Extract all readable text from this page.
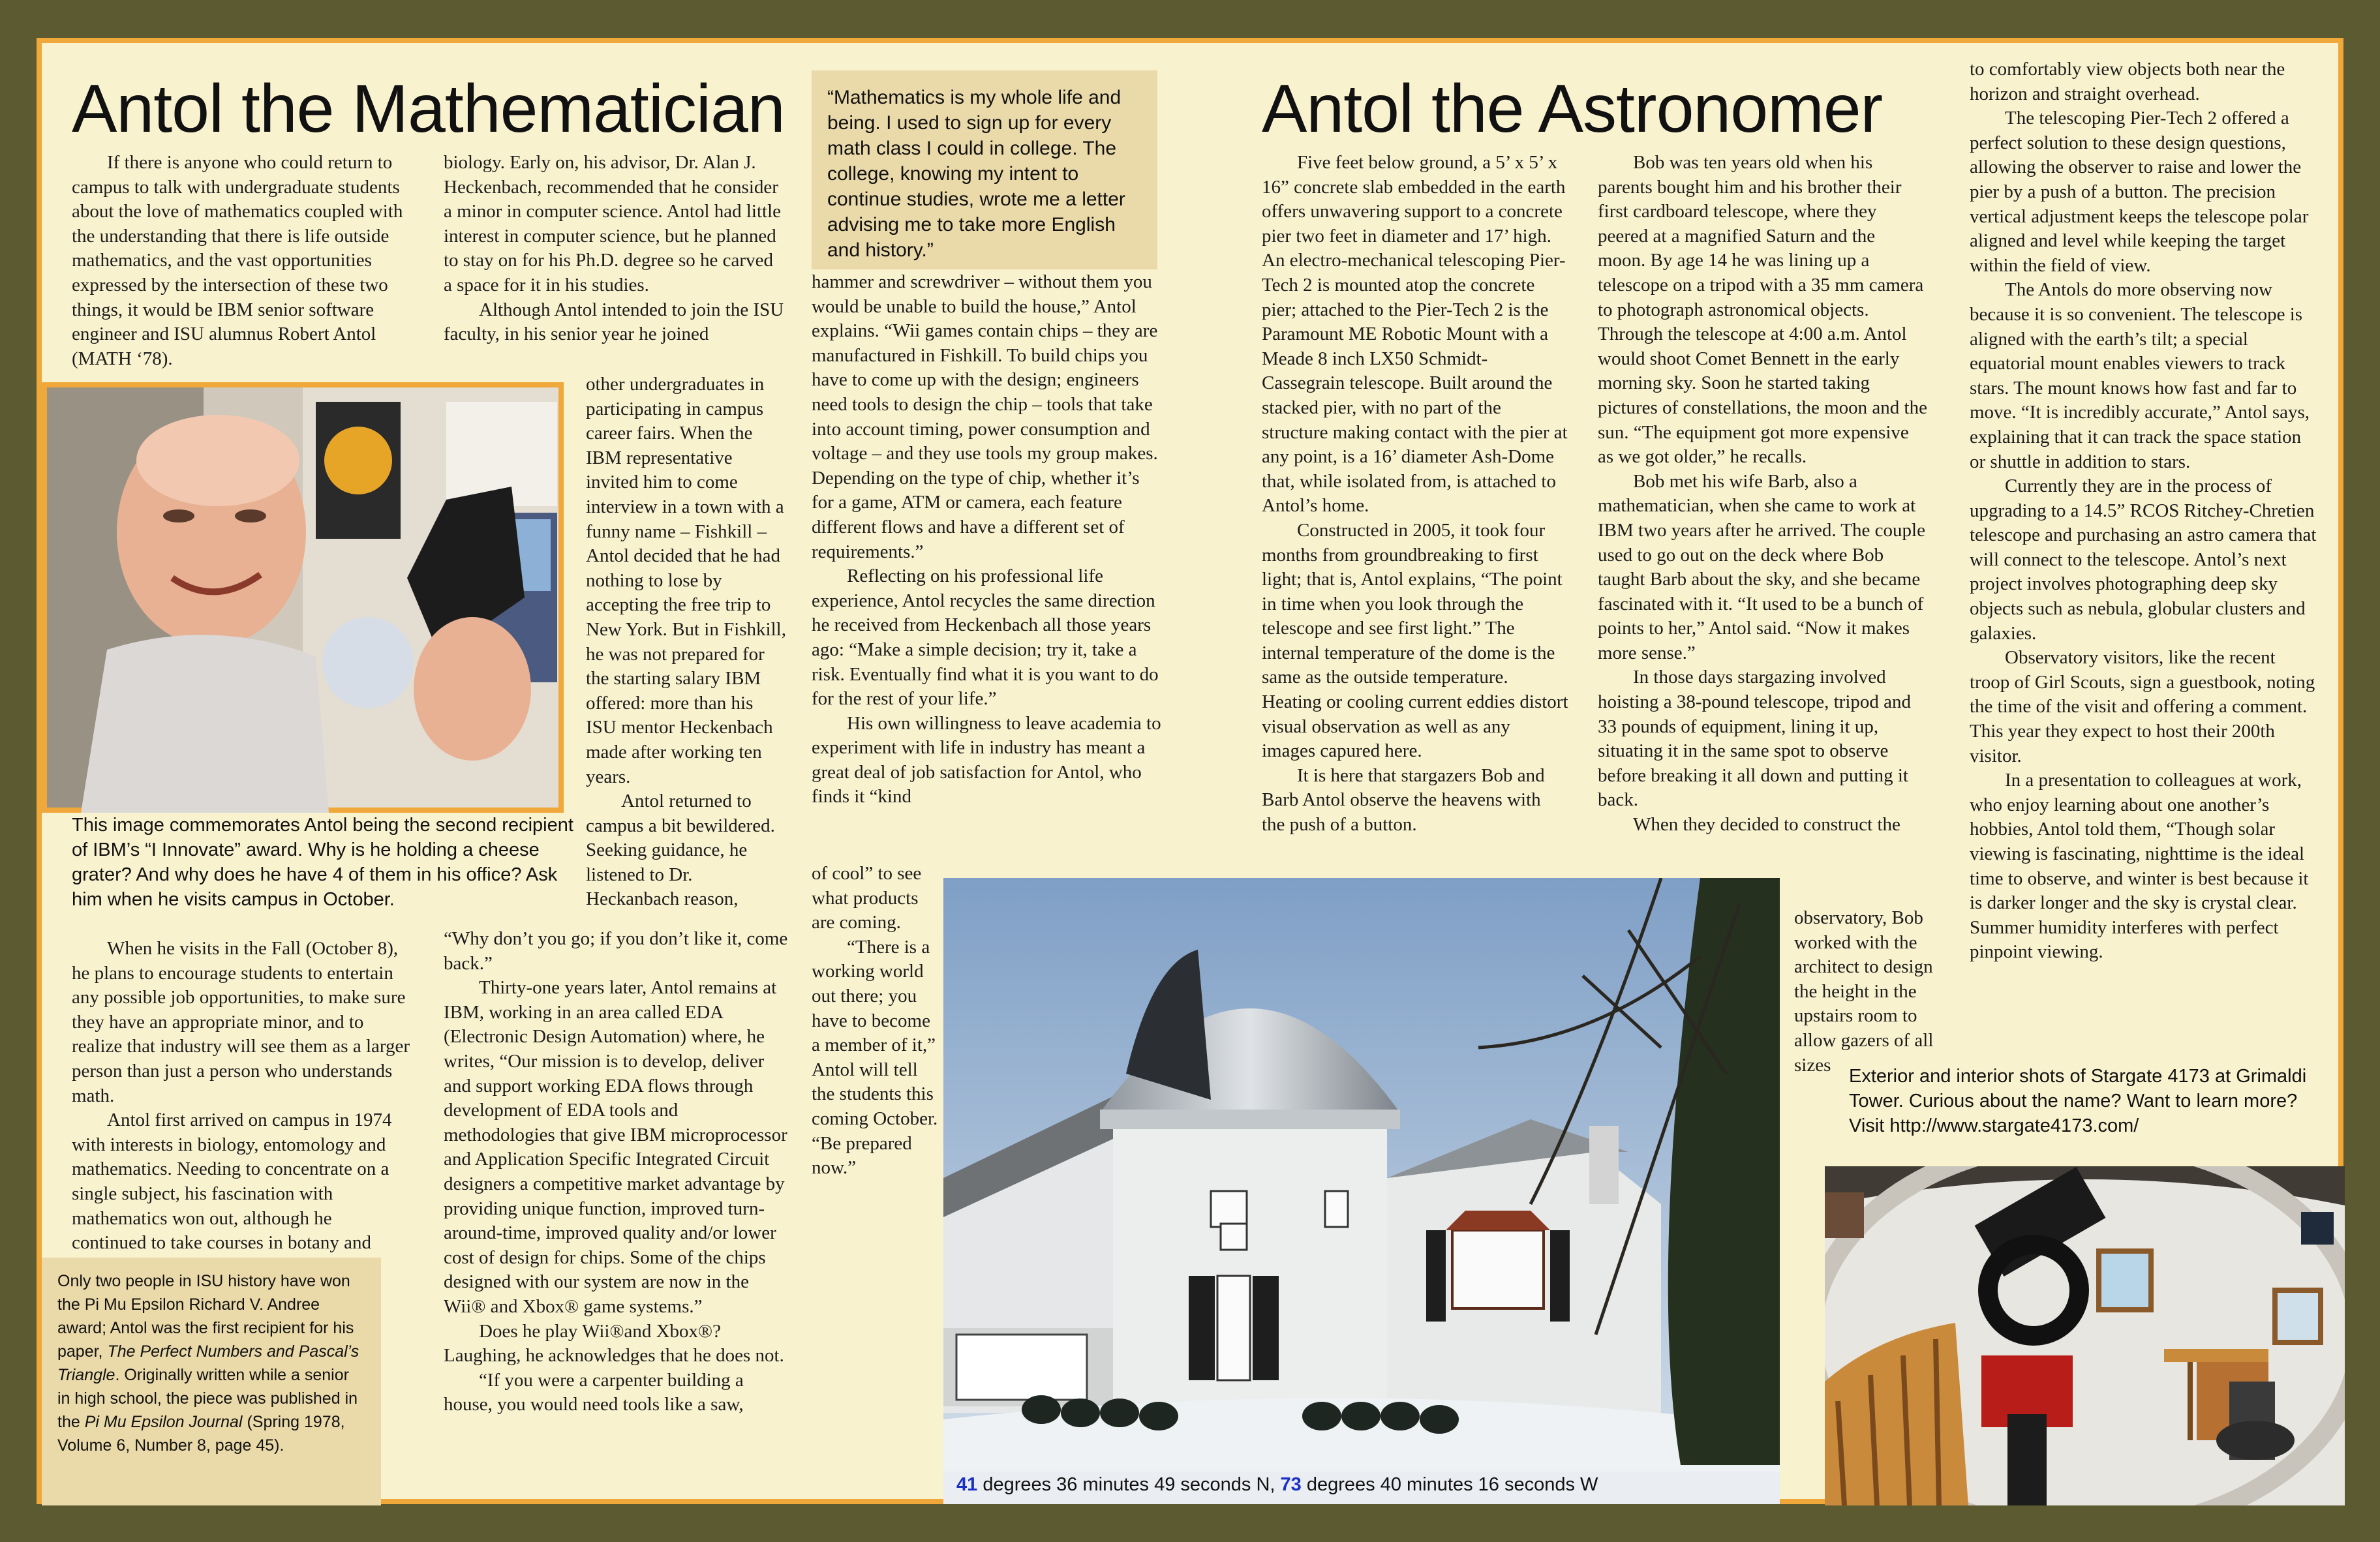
Antol the Mathematician

If there is anyone who could return to campus to talk with undergraduate students about the love of mathematics coupled with the understanding that there is life outside mathematics, and the vast opportunities expressed by the intersection of these two things, it would be IBM senior software engineer and ISU alumnus Robert Antol (MATH ‘78).

This image commemorates Antol being the second recipient of IBM’s “I Innovate” award. Why is he holding a cheese grater? And why does he have 4 of them in his office? Ask him when he visits campus in October.

When he visits in the Fall (October 8), he plans to encourage students to entertain any possible job opportunities, to make sure they have an appropriate minor, and to realize that industry will see them as a larger person than just a person who understands math.

Antol first arrived on campus in 1974 with interests in biology, entomology and mathematics. Needing to concentrate on a single subject, his fascination with mathematics won out, although he continued to take courses in botany and

Only two people in ISU history have won the Pi Mu Epsilon Richard V. Andree award; Antol was the first recipient for his paper, The Perfect Numbers and Pascal’s Triangle. Originally written while a senior in high school, the piece was published in the Pi Mu Epsilon Journal (Spring 1978, Volume 6, Number 8, page 45).

biology. Early on, his advisor, Dr. Alan J. Heckenbach, recommended that he consider a minor in computer science. Antol had little interest in computer science, but he planned to stay on for his Ph.D. degree so he carved a space for it in his studies.

Although Antol intended to join the ISU faculty, in his senior year he joined

other undergraduates in participating in campus career fairs. When the IBM representative invited him to come interview in a town with a funny name – Fishkill – Antol decided that he had nothing to lose by accepting the free trip to New York. But in Fishkill, he was not prepared for the starting salary IBM offered: more than his ISU mentor Heckenbach made after working ten years.

Antol returned to campus a bit bewildered. Seeking guidance, he listened to Dr. Heckanbach reason,

“Why don’t you go; if you don’t like it, come back.”

Thirty-one years later, Antol remains at IBM, working in an area called EDA (Electronic Design Automation) where, he writes, “Our mission is to develop, deliver and support working EDA flows through development of EDA tools and methodologies that give IBM microprocessor and Application Specific Integrated Circuit designers a competitive market advantage by providing unique function, improved turn-around-time, improved quality and/or lower cost of design for chips. Some of the chips designed with our system are now in the Wii® and Xbox® game systems.”

Does he play Wii®and Xbox®? Laughing, he acknowledges that he does not.

“If you were a carpenter building a house, you would need tools like a saw,

“Mathematics is my whole life and being. I used to sign up for every math class I could in college. The college, knowing my intent to continue studies, wrote me a letter advising me to take more English and history.”

hammer and screwdriver – without them you would be unable to build the house,” Antol explains. “Wii games contain chips – they are manufactured in Fishkill. To build chips you have to come up with the design; engineers need tools to design the chip – tools that take into account timing, power consumption and voltage – and they use tools my group makes. Depending on the type of chip, whether it’s for a game, ATM or camera, each feature different flows and have a different set of requirements.”

Reflecting on his professional life experience, Antol recycles the same direction he received from Heckenbach all those years ago: “Make a simple decision; try it, take a risk. Eventually find what it is you want to do for the rest of your life.”

His own willingness to leave academia to experiment with life in industry has meant a great deal of job satisfaction for Antol, who finds it “kind

of cool” to see what products are coming.

“There is a working world out there; you have to become a member of it,” Antol will tell the students this coming October. “Be prepared now.”

41 degrees 36 minutes 49 seconds N, 73 degrees 40 minutes 16 seconds W
Antol the Astronomer

Five feet below ground, a 5’ x 5’ x 16” concrete slab embedded in the earth offers unwavering support to a concrete pier two feet in diameter and 17’ high. An electro-mechanical telescoping Pier-Tech 2 is mounted atop the concrete pier; attached to the Pier-Tech 2 is the Paramount ME Robotic Mount with a Meade 8 inch LX50 Schmidt-Cassegrain telescope. Built around the stacked pier, with no part of the structure making contact with the pier at any point, is a 16’ diameter Ash-Dome that, while isolated from, is attached to Antol’s home.

Constructed in 2005, it took four months from groundbreaking to first light; that is, Antol explains, “The point in time when you look through the telescope and see first light.” The internal temperature of the dome is the same as the outside temperature. Heating or cooling current eddies distort visual observation as well as any images capured here.

It is here that stargazers Bob and Barb Antol observe the heavens with the push of a button.

Bob was ten years old when his parents bought him and his brother their first cardboard telescope, where they peered at a magnified Saturn and the moon. By age 14 he was lining up a telescope on a tripod with a 35 mm camera to photograph astronomical objects. Through the telescope at 4:00 a.m. Antol would shoot Comet Bennett in the early morning sky. Soon he started taking pictures of constellations, the moon and the sun. “The equipment got more expensive as we got older,” he recalls.

Bob met his wife Barb, also a mathematician, when she came to work at IBM two years after he arrived. The couple used to go out on the deck where Bob taught Barb about the sky, and she became fascinated with it. “It used to be a bunch of points to her,” Antol said. “Now it makes more sense.”

In those days stargazing involved hoisting a 38-pound telescope, tripod and 33 pounds of equipment, lining it up, situating it in the same spot to observe before breaking it all down and putting it back.

When they decided to construct the

observatory, Bob worked with the architect to design the height in the upstairs room to allow gazers of all sizes

to comfortably view objects both near the horizon and straight overhead.

The telescoping Pier-Tech 2 offered a perfect solution to these design questions, allowing the observer to raise and lower the pier by a push of a button. The precision vertical adjustment keeps the telescope polar aligned and level while keeping the target within the field of view.

The Antols do more observing now because it is so convenient. The telescope is aligned with the earth’s tilt; a special equatorial mount enables viewers to track stars. The mount knows how fast and far to move. “It is incredibly accurate,” Antol says, explaining that it can track the space station or shuttle in addition to stars.

Currently they are in the process of upgrading to a 14.5” RCOS Ritchey-Chretien telescope and purchasing an astro camera that will connect to the telescope. Antol’s next project involves photographing deep sky objects such as nebula, globular clusters and galaxies.

Observatory visitors, like the recent troop of Girl Scouts, sign a guestbook, noting the time of the visit and offering a comment. This year they expect to host their 200th visitor.

In a presentation to colleagues at work, who enjoy learning about one another’s hobbies, Antol told them, “Though solar viewing is fascinating, nighttime is the ideal time to observe, and winter is best because it is darker longer and the sky is crystal clear. Summer humidity interferes with perfect pinpoint viewing.

Exterior and interior shots of Stargate 4173 at Grimaldi Tower. Curious about the name? Want to learn more? Visit http://www.stargate4173.com/
